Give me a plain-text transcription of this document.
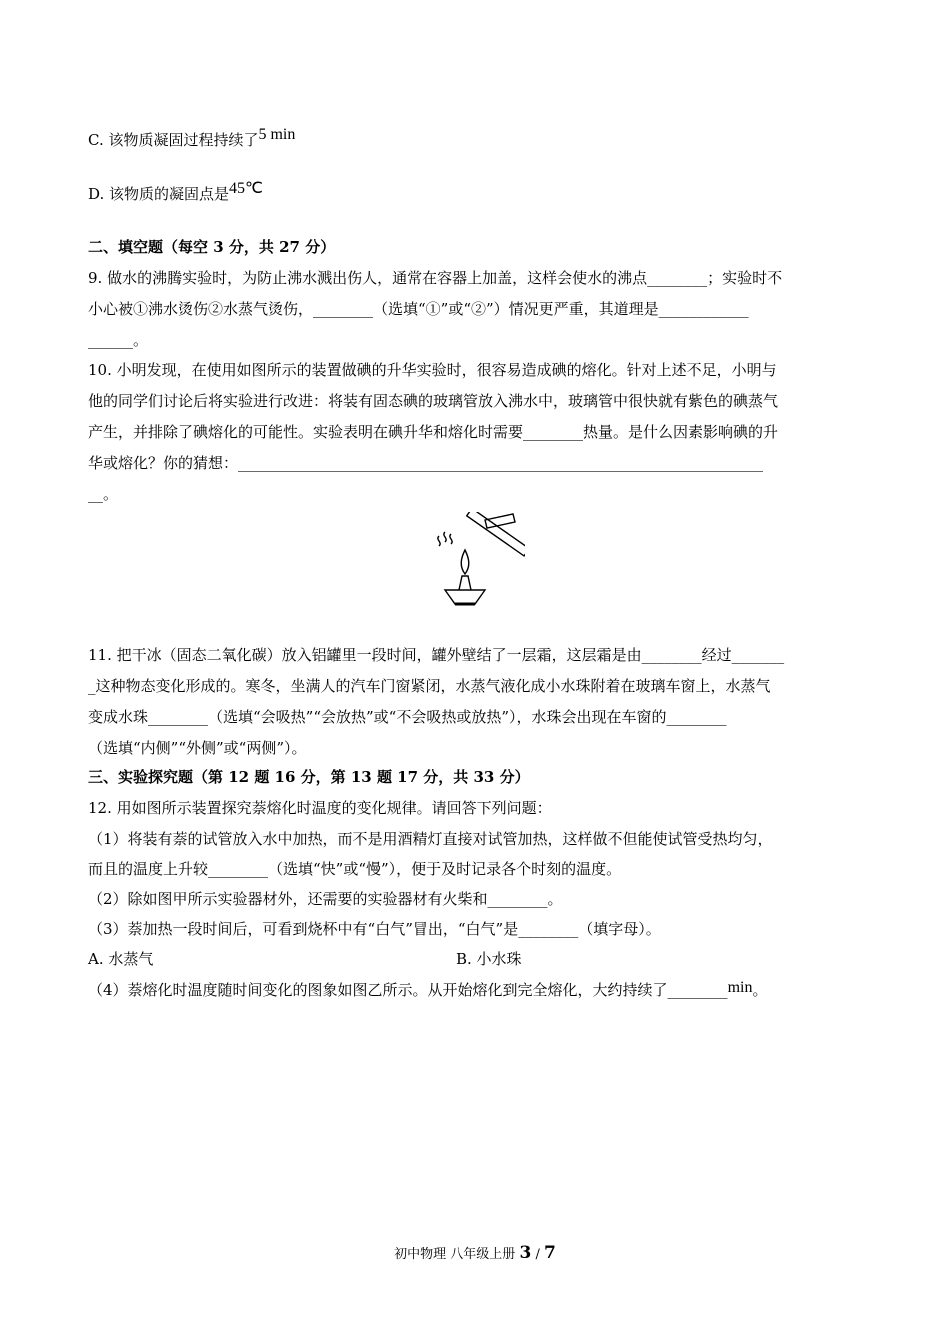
C. 该物质凝固过程持续了5 min
D. 该物质的凝固点是45℃
二、填空题（每空 3 分，共 27 分）
9. 做水的沸腾实验时，为防止沸水溅出伤人，通常在容器上加盖，这样会使水的沸点________；实验时不
小心被①沸水烫伤②水蒸气烫伤，________（选填“①”或“②”）情况更严重，其道理是____________
______。
10. 小明发现，在使用如图所示的装置做碘的升华实验时，很容易造成碘的熔化。针对上述不足，小明与
他的同学们讨论后将实验进行改进：将装有固态碘的玻璃管放入沸水中，玻璃管中很快就有紫色的碘蒸气
产生，并排除了碘熔化的可能性。实验表明在碘升华和熔化时需要________热量。是什么因素影响碘的升
华或熔化？你的猜想：______________________________________________________________________
__。
11. 把干冰（固态二氧化碳）放入铝罐里一段时间，罐外壁结了一层霜，这层霜是由________经过_______
_这种物态变化形成的。寒冬，坐满人的汽车门窗紧闭，水蒸气液化成小水珠附着在玻璃车窗上，水蒸气
变成水珠________（选填“会吸热”“会放热”或“不会吸热或放热”），水珠会出现在车窗的________
（选填“内侧”“外侧”或“两侧”）。
三、实验探究题（第 12 题 16 分，第 13 题 17 分，共 33 分）
12. 用如图所示装置探究萘熔化时温度的变化规律。请回答下列问题：
（1）将装有萘的试管放入水中加热，而不是用酒精灯直接对试管加热，这样做不但能使试管受热均匀，
而且的温度上升较________（选填“快”或“慢”），便于及时记录各个时刻的温度。
（2）除如图甲所示实验器材外，还需要的实验器材有火柴和________。
（3）萘加热一段时间后，可看到烧杯中有“白气”冒出，“白气”是________（填字母）。
A. 水蒸气	B. 小水珠
（4）萘熔化时温度随时间变化的图象如图乙所示。从开始熔化到完全熔化，大约持续了________min。
初中物理 八年级上册 3 / 7
